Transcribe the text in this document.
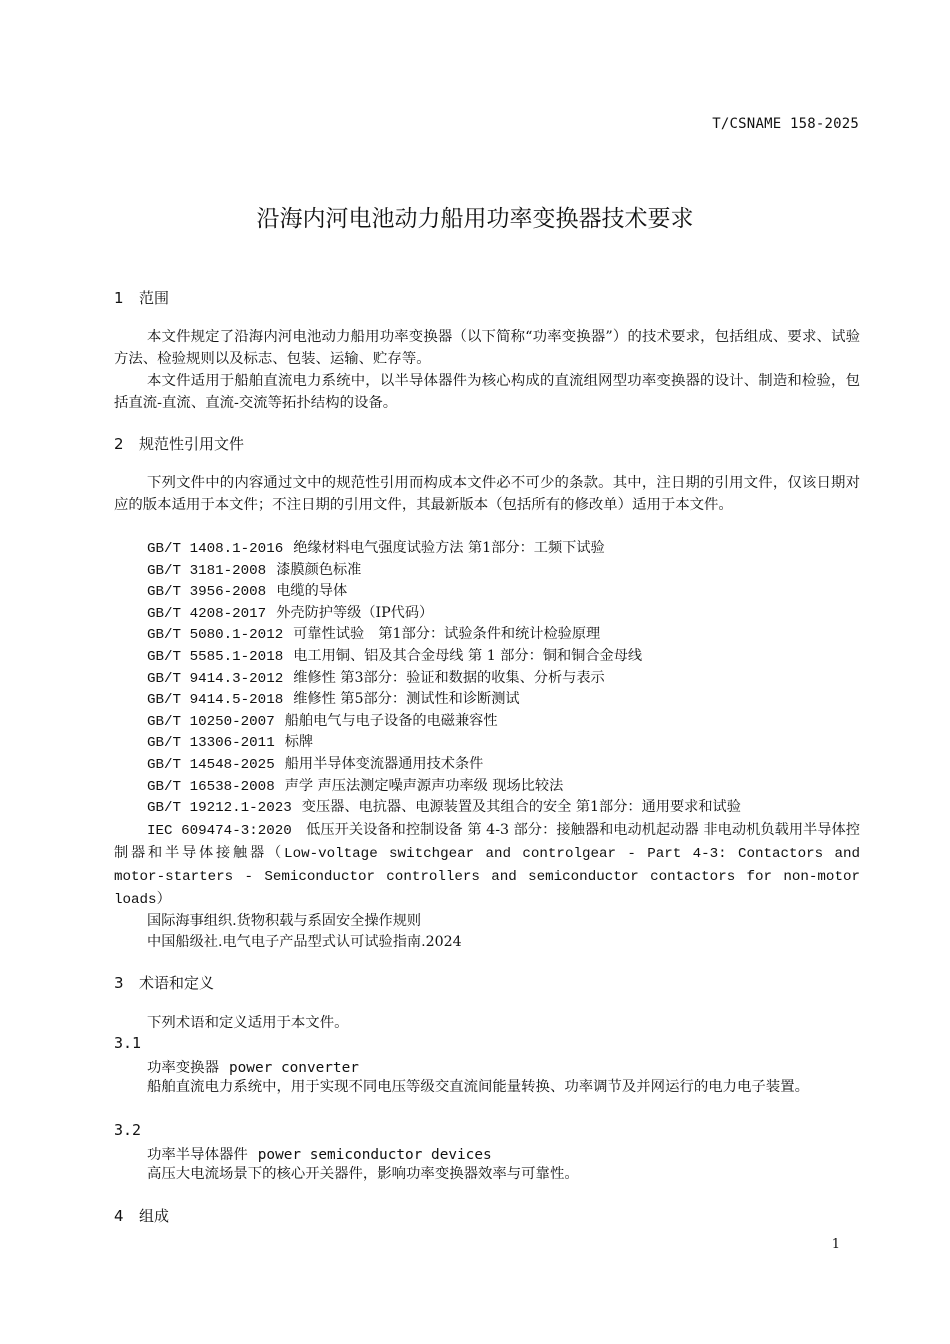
T/CSNAME 158-2025
沿海内河电池动力船用功率变换器技术要求
1 范围

本文件规定了沿海内河电池动力船用功率变换器（以下简称“功率变换器”）的技术要求，包括组成、要求、试验方法、检验规则以及标志、包装、运输、贮存等。

本文件适用于船舶直流电力系统中，以半导体器件为核心构成的直流组网型功率变换器的设计、制造和检验，包括直流-直流、直流-交流等拓扑结构的设备。

2 规范性引用文件

下列文件中的内容通过文中的规范性引用而构成本文件必不可少的条款。其中，注日期的引用文件，仅该日期对应的版本适用于本文件；不注日期的引用文件，其最新版本（包括所有的修改单）适用于本文件。

GB/T 1408.1-2016 绝缘材料电气强度试验方法 第1部分：工频下试验
GB/T 3181-2008 漆膜颜色标准
GB/T 3956-2008 电缆的导体
GB/T 4208-2017 外壳防护等级（IP代码）
GB/T 5080.1-2012 可靠性试验　第1部分：试验条件和统计检验原理
GB/T 5585.1-2018 电工用铜、铝及其合金母线 第 1 部分：铜和铜合金母线
GB/T 9414.3-2012 维修性 第3部分：验证和数据的收集、分析与表示
GB/T 9414.5-2018 维修性 第5部分：测试性和诊断测试
GB/T 10250-2007 船舶电气与电子设备的电磁兼容性
GB/T 13306-2011 标牌
GB/T 14548-2025 船用半导体变流器通用技术条件
GB/T 16538-2008 声学 声压法测定噪声源声功率级 现场比较法
GB/T 19212.1-2023 变压器、电抗器、电源装置及其组合的安全 第1部分：通用要求和试验

IEC 609474-3:2020　 低压开关设备和控制设备 第 4-3 部分：接触器和电动机起动器 非电动机负载用半导体控制器和半导体接触器（Low-voltage switchgear and controlgear - Part 4-3: Contactors and motor-starters - Semiconductor controllers and semiconductor contactors for non-motor loads）

国际海事组织.货物积载与系固安全操作规则
中国船级社.电气电子产品型式认可试验指南.2024
3 术语和定义

下列术语和定义适用于本文件。

3.1
功率变换器 power converter

船舶直流电力系统中，用于实现不同电压等级交直流间能量转换、功率调节及并网运行的电力电子装置。

3.2
功率半导体器件 power semiconductor devices

高压大电流场景下的核心开关器件，影响功率变换器效率与可靠性。

4 组成
1
